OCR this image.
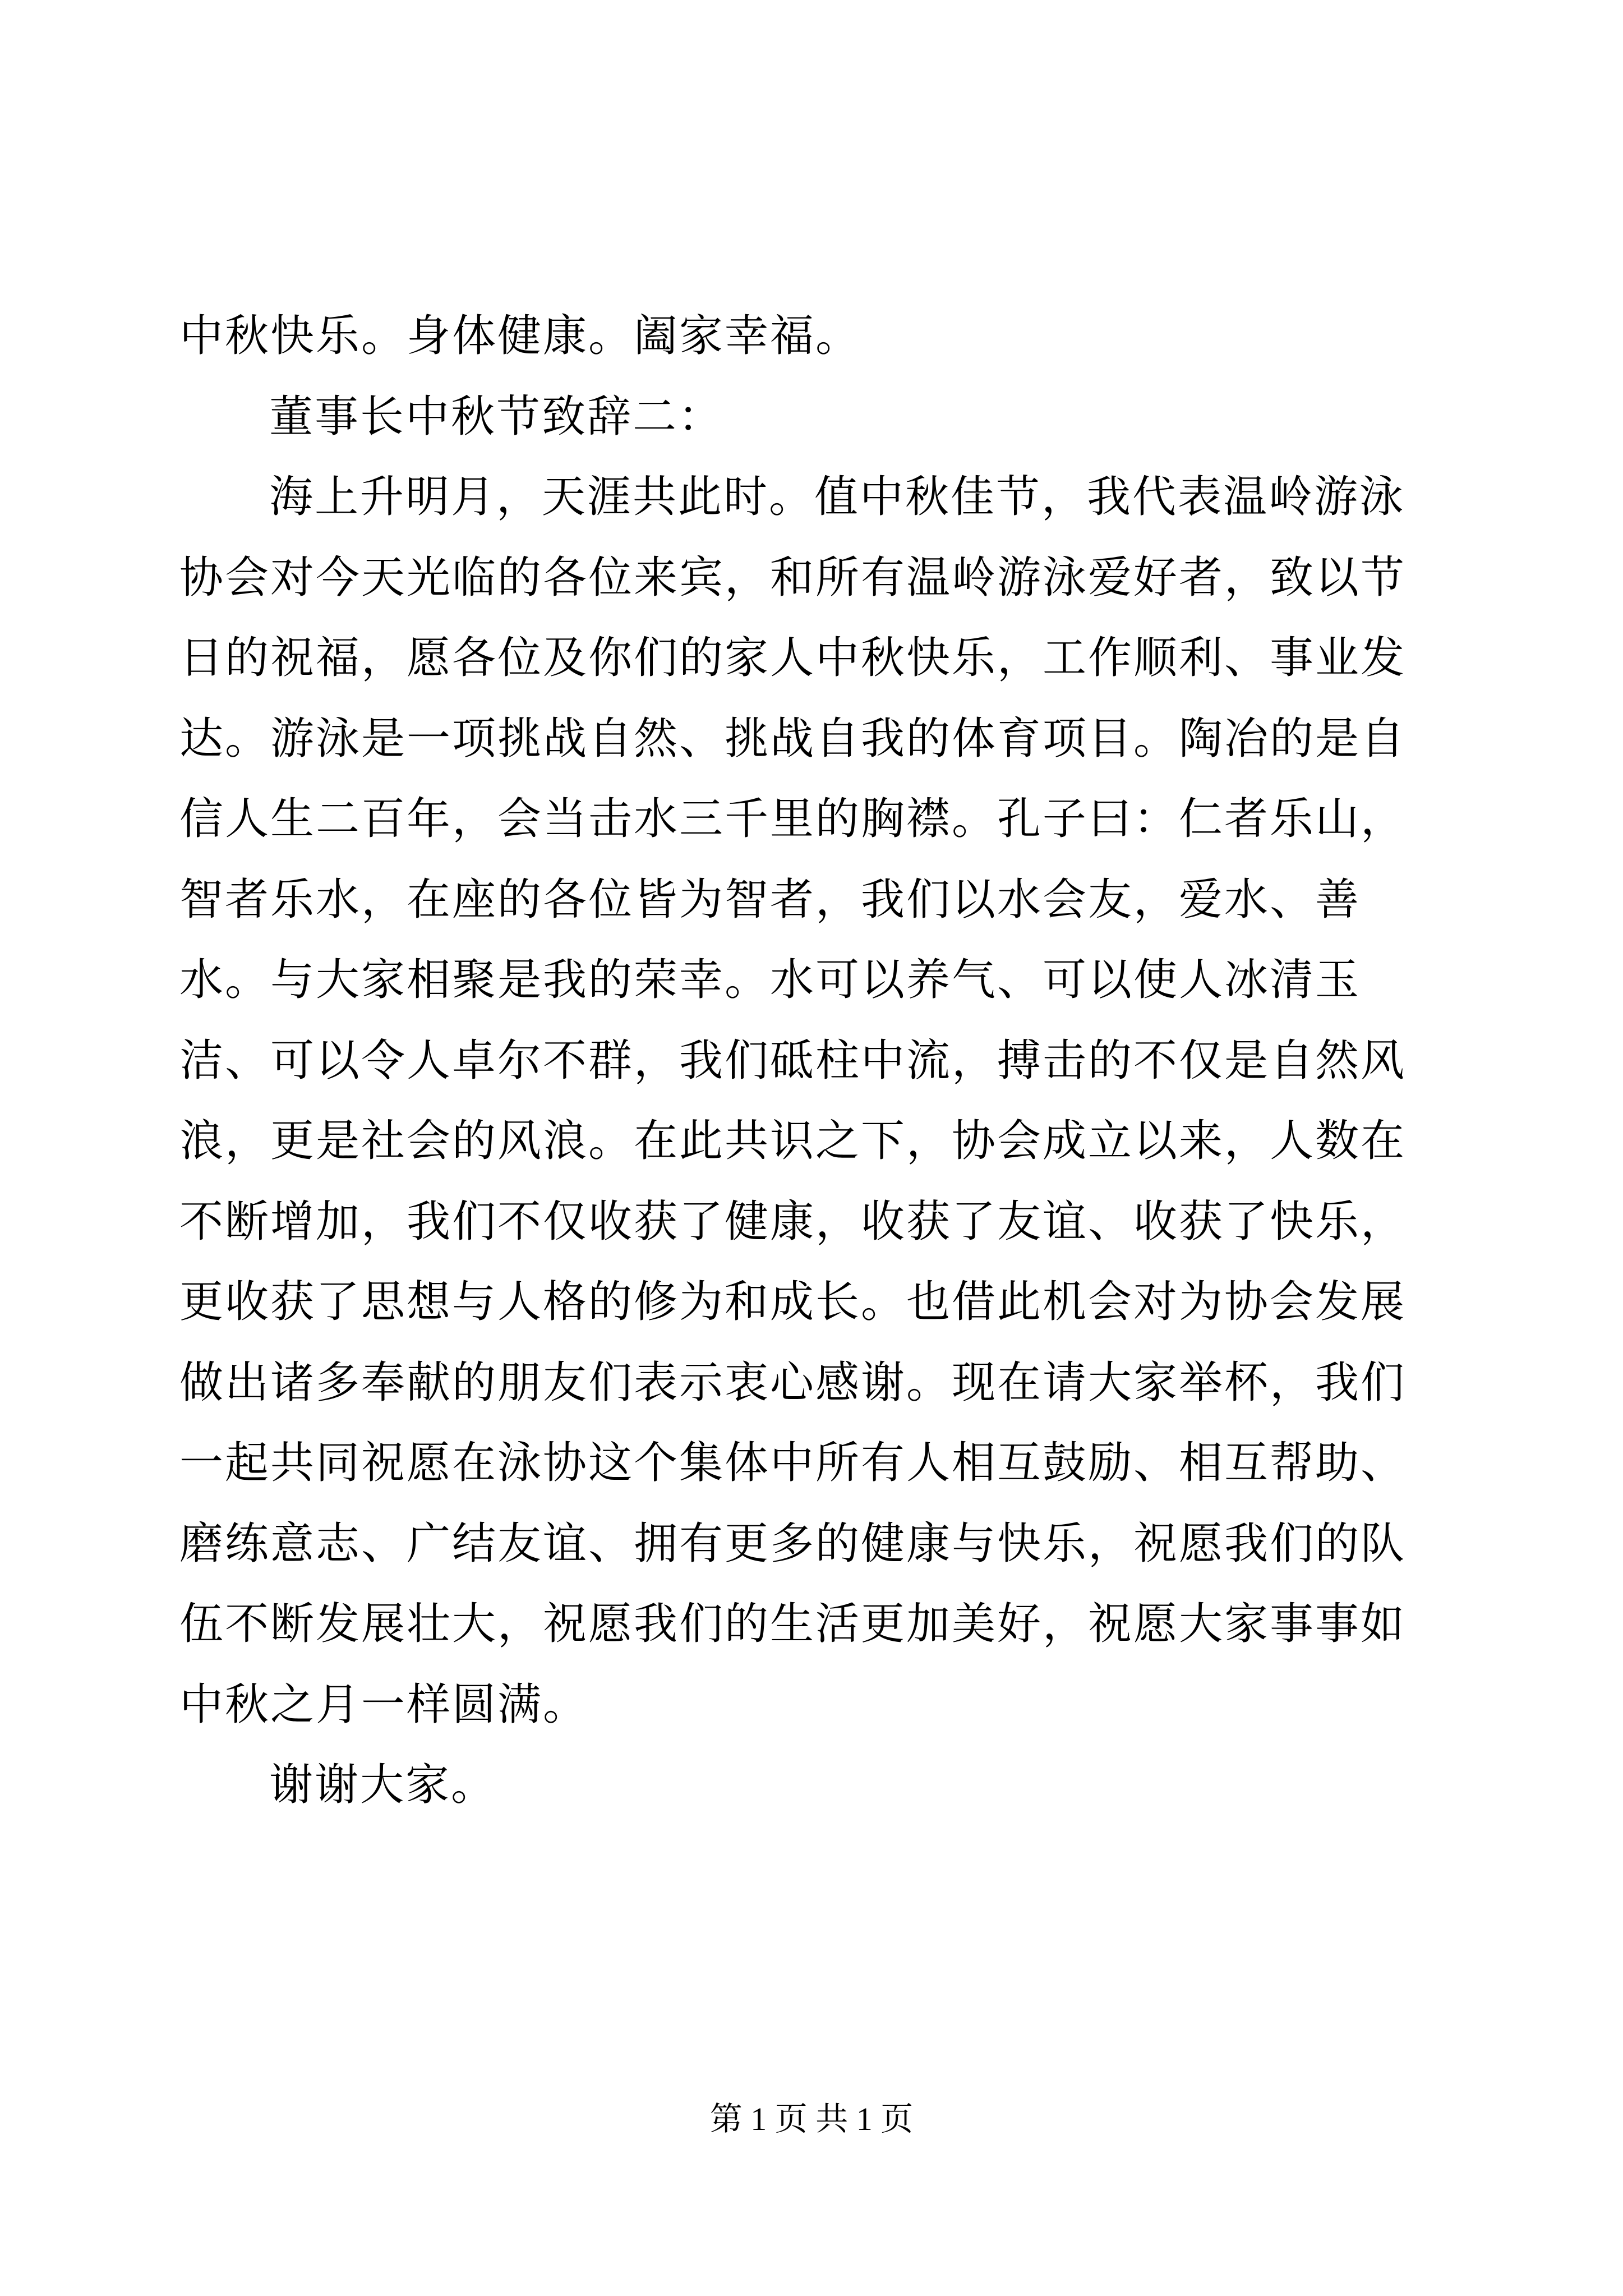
中秋快乐。身体健康。阖家幸福。

董事长中秋节致辞二：

海上升明月，天涯共此时。值中秋佳节，我代表温岭游泳协会对今天光临的各位来宾，和所有温岭游泳爱好者，致以节日的祝福，愿各位及你们的家人中秋快乐，工作顺利、事业发达。游泳是一项挑战自然、挑战自我的体育项目。陶冶的是自信人生二百年，会当击水三千里的胸襟。孔子曰：仁者乐山，智者乐水，在座的各位皆为智者，我们以水会友，爱水、善水。与大家相聚是我的荣幸。水可以养气、可以使人冰清玉洁、可以令人卓尔不群，我们砥柱中流，搏击的不仅是自然风浪，更是社会的风浪。在此共识之下，协会成立以来，人数在不断增加，我们不仅收获了健康，收获了友谊、收获了快乐，更收获了思想与人格的修为和成长。也借此机会对为协会发展做出诸多奉献的朋友们表示衷心感谢。现在请大家举杯，我们一起共同祝愿在泳协这个集体中所有人相互鼓励、相互帮助、磨练意志、广结友谊、拥有更多的健康与快乐，祝愿我们的队伍不断发展壮大，祝愿我们的生活更加美好，祝愿大家事事如中秋之月一样圆满。

谢谢大家。

第 1 页 共 1 页
